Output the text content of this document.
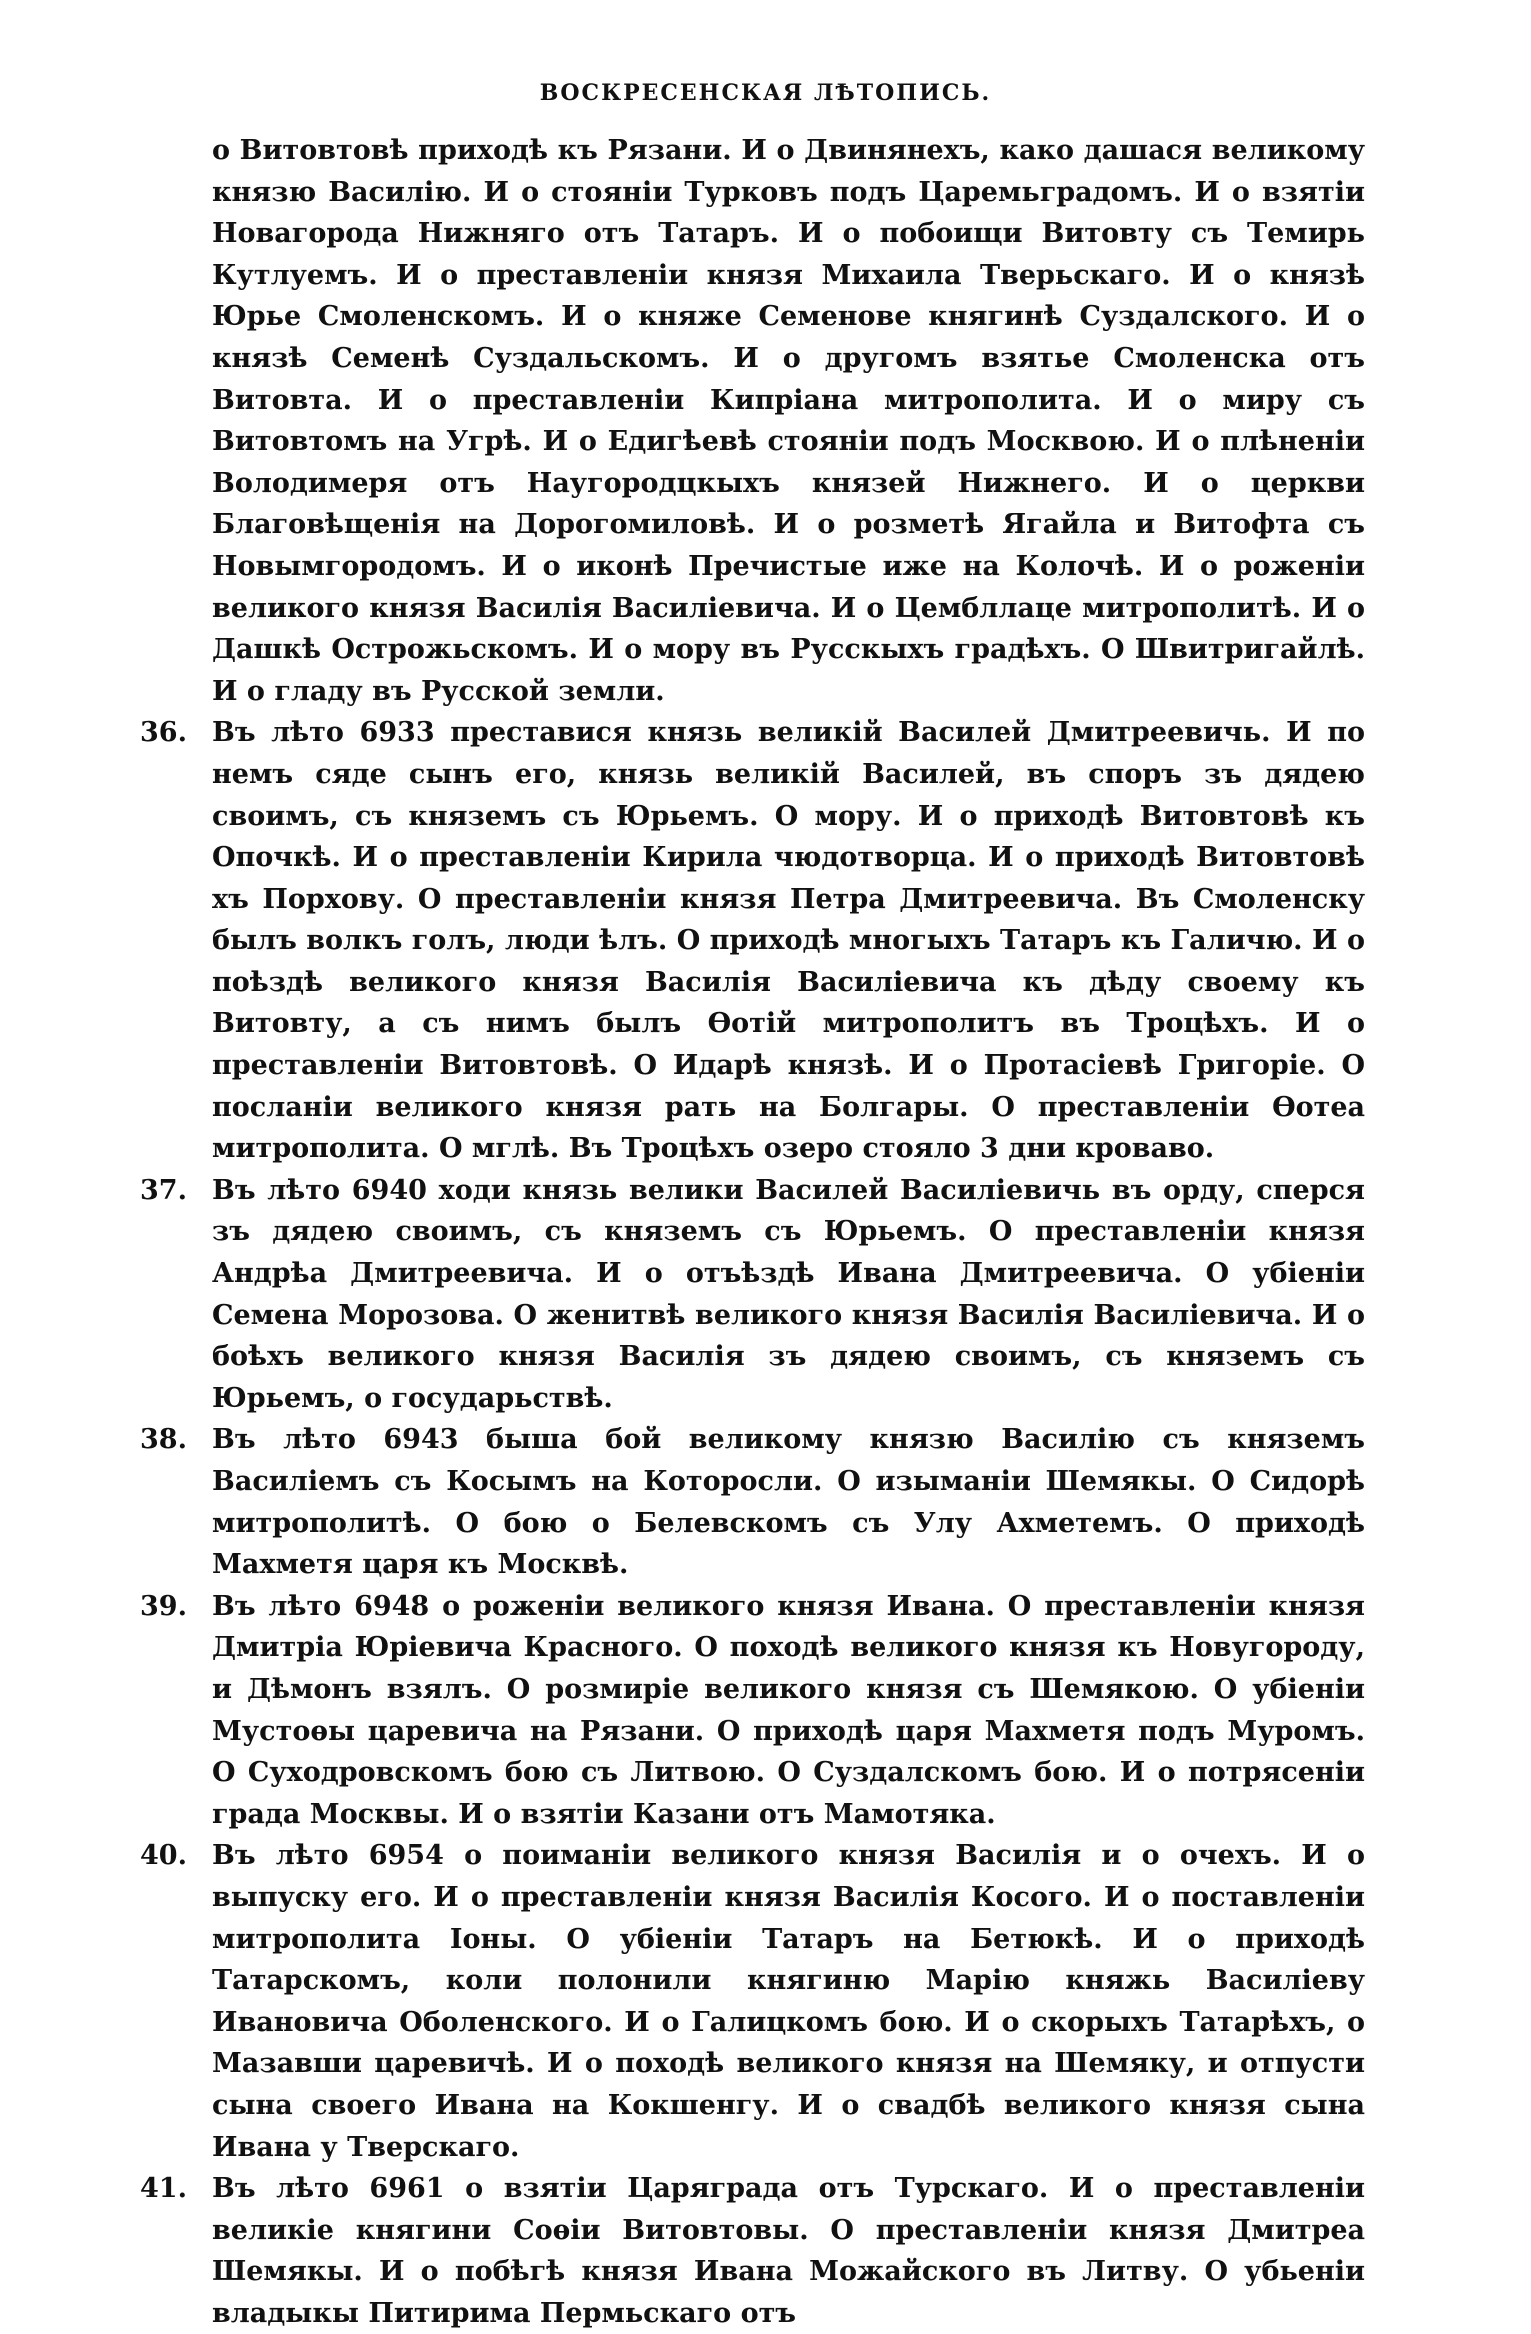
ВОСКРЕСЕНСКАЯ ЛѢТОПИСЬ.

о Витовтовѣ приходѣ къ Рязани. И о Двинянехъ, како дашася великому князю Василію. И о стояніи Турковъ подъ Царемьградомъ. И о взятіи Новагорода Нижняго отъ Татаръ. И о побоищи Витовту съ Темирь Кутлуемъ. И о преставленіи князя Михаила Тверьскаго. И о князѣ Юрье Смоленскомъ. И о княже Семенове княгинѣ Суздалского. И о князѣ Семенѣ Суздальскомъ. И о другомъ взятье Смоленска отъ Витовта. И о преставленіи Кипріана митрополита. И о миру съ Витовтомъ на Угрѣ. И о Едигѣевѣ стояніи подъ Москвою. И о плѣненіи Володимеря отъ Наугородцкыхъ князей Нижнего. И о церкви Благовѣщенія на Дорогомиловѣ. И о розметѣ Ягайла и Витофта съ Новымгородомъ. И о иконѣ Пречистые иже на Колочѣ. И о роженіи великого князя Василія Василіевича. И о Цембллаце митрополитѣ. И о Дашкѣ Острожьскомъ. И о мору въ Русскыхъ градѣхъ. О Швитригайлѣ. И о гладу въ Русской земли.

36. Въ лѣто 6933 преставися князь великій Василей Дмитреевичь. И по немъ сяде сынъ его, князь великій Василей, въ споръ зъ дядею своимъ, съ княземъ съ Юрьемъ. О мору. И о приходѣ Витовтовѣ къ Опочкѣ. И о преставленіи Кирила чюдотворца. И о приходѣ Витовтовѣ хъ Порхову. О преставленіи князя Петра Дмитреевича. Въ Смоленску былъ волкъ голъ, люди ѣлъ. О приходѣ многыхъ Татаръ къ Галичю. И о поѣздѣ великого князя Василія Василіевича къ дѣду своему къ Витовту, а съ нимъ былъ Ѳотій митрополитъ въ Троцѣхъ. И о преставленіи Витовтовѣ. О Идарѣ князѣ. И о Протасіевѣ Григоріе. О посланіи великого князя рать на Болгары. О преставленіи Ѳотеа митрополита. О мглѣ. Въ Троцѣхъ озеро стояло 3 дни кроваво.
37. Въ лѣто 6940 ходи князь велики Василей Василіевичь въ орду, сперся зъ дядею своимъ, съ княземъ съ Юрьемъ. О преставленіи князя Андрѣа Дмитреевича. И о отъѣздѣ Ивана Дмитреевича. О убіеніи Семена Морозова. О женитвѣ великого князя Василія Василіевича. И о боѣхъ великого князя Василія зъ дядею своимъ, съ княземъ съ Юрьемъ, о государьствѣ.
38. Въ лѣто 6943 быша бой великому князю Василію съ княземъ Василіемъ съ Косымъ на Которосли. О изыманіи Шемякы. О Сидорѣ митрополитѣ. О бою о Белевскомъ съ Улу Ахметемъ. О приходѣ Махметя царя къ Москвѣ.
39. Въ лѣто 6948 о роженіи великого князя Ивана. О преставленіи князя Дмитріа Юріевича Красного. О походѣ великого князя къ Новугороду, и Дѣмонъ взялъ. О розмиріе великого князя съ Шемякою. О убіеніи Мустоѳы царевича на Рязани. О приходѣ царя Махметя подъ Муромъ. О Суходровскомъ бою съ Литвою. О Суздалскомъ бою. И о потрясеніи града Москвы. И о взятіи Казани отъ Мамотяка.
40. Въ лѣто 6954 о поиманіи великого князя Василія и о очехъ. И о выпуску его. И о преставленіи князя Василія Косого. И о поставленіи митрополита Іоны. О убіеніи Татаръ на Бетюкѣ. И о приходѣ Татарскомъ, коли полонили княгиню Марію княжь Василіеву Ивановича Оболенского. И о Галицкомъ бою. И о скорыхъ Татарѣхъ, о Мазавши царевичѣ. И о походѣ великого князя на Шемяку, и отпусти сына своего Ивана на Кокшенгу. И о свадбѣ великого князя сына Ивана у Тверскаго.
41. Въ лѣто 6961 о взятіи Царяграда отъ Турскаго. И о преставленіи великіе княгини Соѳіи Витовтовы. О преставленіи князя Дмитреа Шемякы. И о побѣгѣ князя Ивана Можайского въ Литву. О убьеніи владыкы Питирима Пермьскаго отъ
